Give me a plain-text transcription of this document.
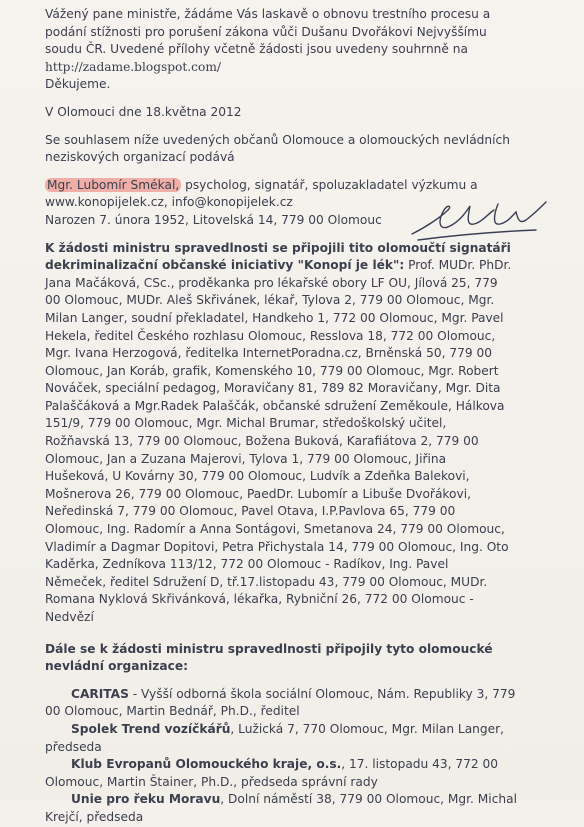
Vážený pane ministře, žádáme Vás laskavě o obnovu trestního procesu a

podání stížnosti pro porušení zákona vůči Dušanu Dvořákovi Nejvyššímu

soudu ČR. Uvedené přílohy včetně žádosti jsou uvedeny souhrnně na

http://zadame.blogspot.com/

Děkujeme.

V Olomouci dne 18.května 2012

Se souhlasem níže uvedených občanů Olomouce a olomouckých nevládních

neziskových organizací podává

Mgr. Lubomír Smékal, psycholog, signatář, spoluzakladatel výzkumu a

www.konopijelek.cz, info@konopijelek.cz

Narozen 7. února 1952, Litovelská 14, 779 00 Olomouc

K žádosti ministru spravedlnosti se připojili tito olomoučtí signatáři

dekriminalizační občanské iniciativy "Konopí je lék": Prof. MUDr. PhDr.

Jana Mačáková, CSc., proděkanka pro lékařské obory LF OU, Jílová 25, 779

00 Olomouc, MUDr. Aleš Skřivánek, lékař, Tylova 2, 779 00 Olomouc, Mgr.

Milan Langer, soudní překladatel, Handkeho 1, 772 00 Olomouc, Mgr. Pavel

Hekela, ředitel Českého rozhlasu Olomouc, Resslova 18, 772 00 Olomouc,

Mgr. Ivana Herzogová, ředitelka InternetPoradna.cz, Brněnská 50, 779 00

Olomouc, Jan Koráb, grafik, Komenského 10, 779 00 Olomouc, Mgr. Robert

Nováček, speciální pedagog, Moravičany 81, 789 82 Moravičany, Mgr. Dita

Palaščáková a Mgr.Radek Palaščák, občanské sdružení Zeměkoule, Hálkova

151/9, 779 00 Olomouc, Mgr. Michal Brumar, středoškolský učitel,

Rožňavská 13, 779 00 Olomouc, Božena Buková, Karafiátova 2, 779 00

Olomouc, Jan a Zuzana Majerovi, Tylova 1, 779 00 Olomouc, Jiřina

Hušeková, U Kovárny 30, 779 00 Olomouc, Ludvík a Zdeňka Balekovi,

Mošnerova 26, 779 00 Olomouc, PaedDr. Lubomír a Libuše Dvořákovi,

Neředinská 7, 779 00 Olomouc, Pavel Otava, I.P.Pavlova 65, 779 00

Olomouc, Ing. Radomír a Anna Sontágovi, Smetanova 24, 779 00 Olomouc,

Vladimír a Dagmar Dopitovi, Petra Přichystala 14, 779 00 Olomouc, Ing. Oto

Kaděrka, Zedníkova 113/12, 772 00 Olomouc - Radíkov, Ing. Pavel

Němeček, ředitel Sdružení D, tř.17.listopadu 43, 779 00 Olomouc, MUDr.

Romana Nyklová Skřivánková, lékařka, Rybniční 26, 772 00 Olomouc -

Nedvězí

Dále se k žádosti ministru spravedlnosti připojily tyto olomoucké

nevládní organizace:

CARITAS - Vyšší odborná škola sociální Olomouc, Nám. Republiky 3, 779

00 Olomouc, Martin Bednář, Ph.D., ředitel

Spolek Trend vozíčkářů, Lužická 7, 770 Olomouc, Mgr. Milan Langer,

předseda

Klub Evropanů Olomouckého kraje, o.s., 17. listopadu 43, 772 00

Olomouc, Martin Štainer, Ph.D., předseda správní rady

Unie pro řeku Moravu, Dolní náměstí 38, 779 00 Olomouc, Mgr. Michal

Krejčí, předseda
